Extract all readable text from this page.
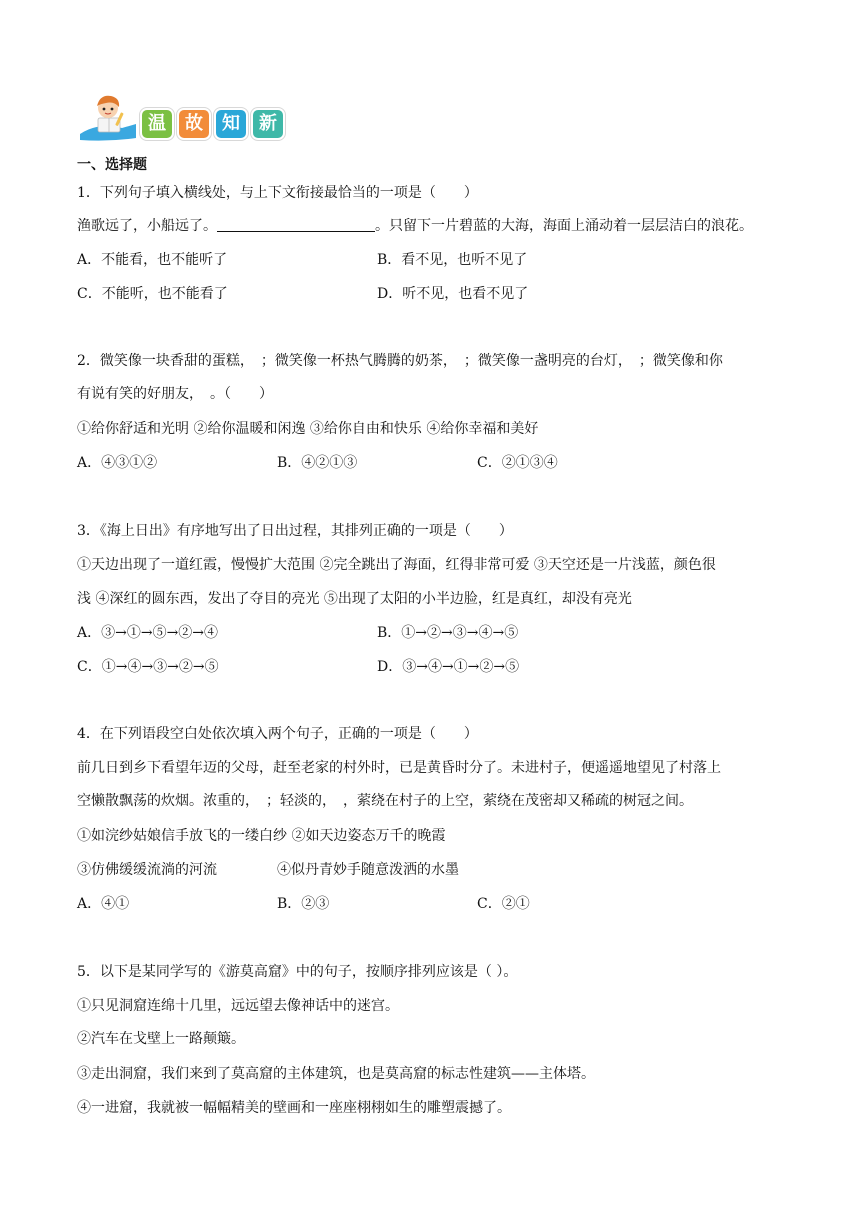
温	故	知	新
一、选择题
1．下列句子填入横线处，与上下文衔接最恰当的一项是（　　）
渔歌远了，小船远了。	。只留下一片碧蓝的大海，海面上涌动着一层层洁白的浪花。
A．不能看，也不能听了	B．看不见，也听不见了
C．不能听，也不能看了	D．听不见，也看不见了
2．微笑像一块香甜的蛋糕，　；微笑像一杯热气腾腾的奶茶，　；微笑像一盏明亮的台灯，　；微笑像和你
有说有笑的好朋友，　。（　　）
①给你舒适和光明 ②给你温暖和闲逸 ③给你自由和快乐 ④给你幸福和美好
A．④③①②	B．④②①③	C．②①③④
3．《海上日出》有序地写出了日出过程，其排列正确的一项是（　　）
①天边出现了一道红霞，慢慢扩大范围 ②完全跳出了海面，红得非常可爱 ③天空还是一片浅蓝，颜色很
浅 ④深红的圆东西，发出了夺目的亮光 ⑤出现了太阳的小半边脸，红是真红，却没有亮光
A．③→①→⑤→②→④	B．①→②→③→④→⑤
C．①→④→③→②→⑤	D．③→④→①→②→⑤
4．在下列语段空白处依次填入两个句子，正确的一项是（　　）
前几日到乡下看望年迈的父母，赶至老家的村外时，已是黄昏时分了。未进村子，便遥遥地望见了村落上
空懒散飘荡的炊烟。浓重的，　；轻淡的，　，萦绕在村子的上空，萦绕在茂密却又稀疏的树冠之间。
①如浣纱姑娘信手放飞的一缕白纱 ②如天边姿态万千的晚霞
③仿佛缓缓流淌的河流	④似丹青妙手随意泼洒的水墨
A．④①	B．②③	C．②①
5．以下是某同学写的《游莫高窟》中的句子，按顺序排列应该是（ ）。
①只见洞窟连绵十几里，远远望去像神话中的迷宫。
②汽车在戈壁上一路颠簸。
③走出洞窟，我们来到了莫高窟的主体建筑，也是莫高窟的标志性建筑——主体塔。
④一进窟，我就被一幅幅精美的壁画和一座座栩栩如生的雕塑震撼了。
